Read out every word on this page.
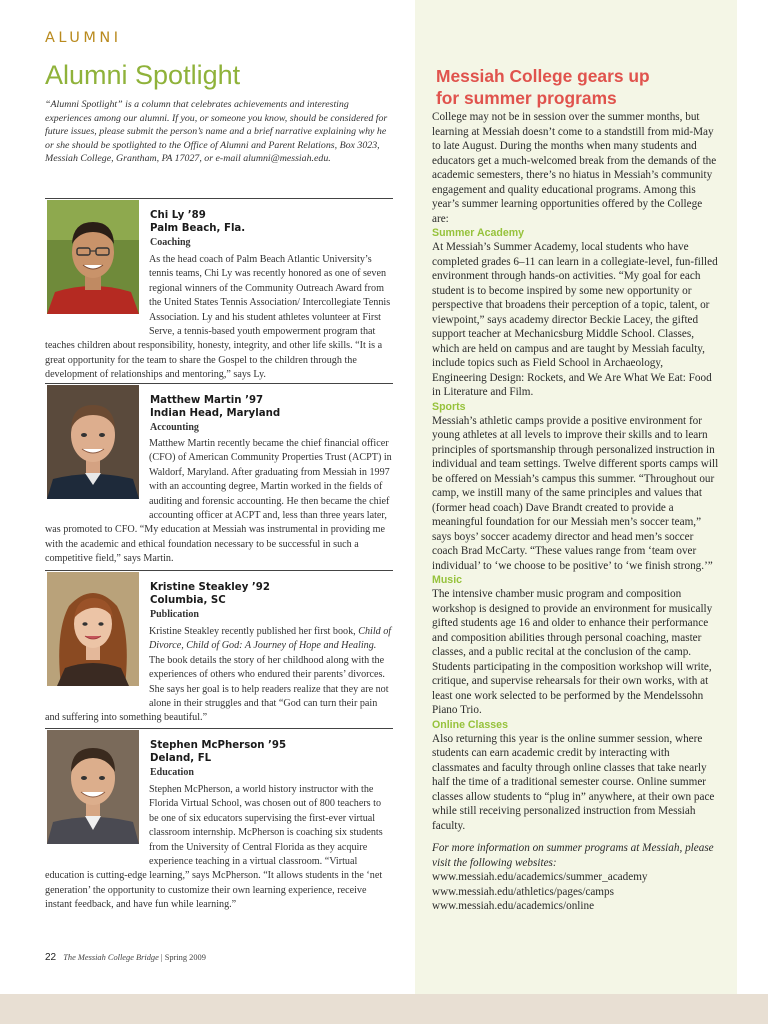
ALUMNI
Alumni Spotlight

“Alumni Spotlight” is a column that celebrates achievements and interesting experiences among our alumni. If you, or someone you know, should be considered for future issues, please submit the person’s name and a brief narrative explaining why he or she should be spotlighted to the Office of Alumni and Parent Relations, Box 3023, Messiah College, Grantham, PA 17027, or e-mail alumni@messiah.edu.

Chi Ly ’89
Palm Beach, Fla.
Coaching

As the head coach of Palm Beach Atlantic University’s tennis teams, Chi Ly was recently honored as one of seven regional winners of the Community Outreach Award from the United States Tennis Association/ Intercollegiate Tennis Association. Ly and his student athletes volunteer at First Serve, a tennis-based youth empowerment program that teaches children about responsibility, honesty, integrity, and other life skills. “It is a great opportunity for the team to share the Gospel to the children through the development of relationships and mentoring,” says Ly.

Matthew Martin ’97
Indian Head, Maryland
Accounting

Matthew Martin recently became the chief financial officer (CFO) of American Community Properties Trust (ACPT) in Waldorf, Maryland. After graduating from Messiah in 1997 with an accounting degree, Martin worked in the fields of auditing and forensic accounting. He then became the chief accounting officer at ACPT and, less than three years later, was promoted to CFO. “My education at Messiah was instrumental in providing me with the academic and ethical foundation necessary to be successful in such a competitive field,” says Martin.

Kristine Steakley ’92
Columbia, SC
Publication

Kristine Steakley recently published her first book, Child of Divorce, Child of God: A Journey of Hope and Healing. The book details the story of her childhood along with the experiences of others who endured their parents’ divorces. She says her goal is to help readers realize that they are not alone in their struggles and that “God can turn their pain and suffering into something beautiful.”

Stephen McPherson ’95
Deland, FL
Education

Stephen McPherson, a world history instructor with the Florida Virtual School, was chosen out of 800 teachers to be one of six educators supervising the first-ever virtual classroom internship. McPherson is coaching six students from the University of Central Florida as they acquire experience teaching in a virtual classroom. “Virtual education is cutting-edge learning,” says McPherson. “It allows students in the ‘net generation’ the opportunity to customize their own learning experience, receive instant feedback, and have fun while learning.”

Messiah College gears up
for summer programs

College may not be in session over the summer months, but learning at Messiah doesn’t come to a standstill from mid-May to late August. During the months when many students and educators get a much-welcomed break from the demands of the academic semesters, there’s no hiatus in Messiah’s community engagement and quality educational programs. Among this year’s summer learning opportunities offered by the College are:

Summer Academy

At Messiah’s Summer Academy, local students who have completed grades 6–11 can learn in a collegiate-level, fun-filled environment through hands-on activities. “My goal for each student is to become inspired by some new opportunity or perspective that broadens their perception of a topic, talent, or viewpoint,” says academy director Beckie Lacey, the gifted support teacher at Mechanicsburg Middle School. Classes, which are held on campus and are taught by Messiah faculty, include topics such as Field School in Archaeology, Engineering Design: Rockets, and We Are What We Eat: Food in Literature and Film.

Sports

Messiah’s athletic camps provide a positive environment for young athletes at all levels to improve their skills and to learn principles of sportsmanship through personalized instruction in individual and team settings. Twelve different sports camps will be offered on Messiah’s campus this summer. “Throughout our camp, we instill many of the same principles and values that (former head coach) Dave Brandt created to provide a meaningful foundation for our Messiah men’s soccer team,” says boys’ soccer academy director and head men’s soccer coach Brad McCarty. “These values range from ‘team over individual’ to ‘we choose to be positive’ to ‘we finish strong.’”

Music

The intensive chamber music program and composition workshop is designed to provide an environment for musically gifted students age 16 and older to enhance their performance and composition abilities through personal coaching, master classes, and a public recital at the conclusion of the camp. Students participating in the composition workshop will write, critique, and supervise rehearsals for their own works, with at least one work selected to be performed by the Mendelssohn Piano Trio.

Online Classes

Also returning this year is the online summer session, where students can earn academic credit by interacting with classmates and faculty through online classes that take nearly half the time of a traditional semester course. Online summer classes allow students to “plug in” anywhere, at their own pace while still receiving personalized instruction from Messiah faculty.

For more information on summer programs at Messiah, please visit the following websites:

www.messiah.edu/academics/summer_academy
www.messiah.edu/athletics/pages/camps
www.messiah.edu/academics/online

22 The Messiah College Bridge | Spring 2009
